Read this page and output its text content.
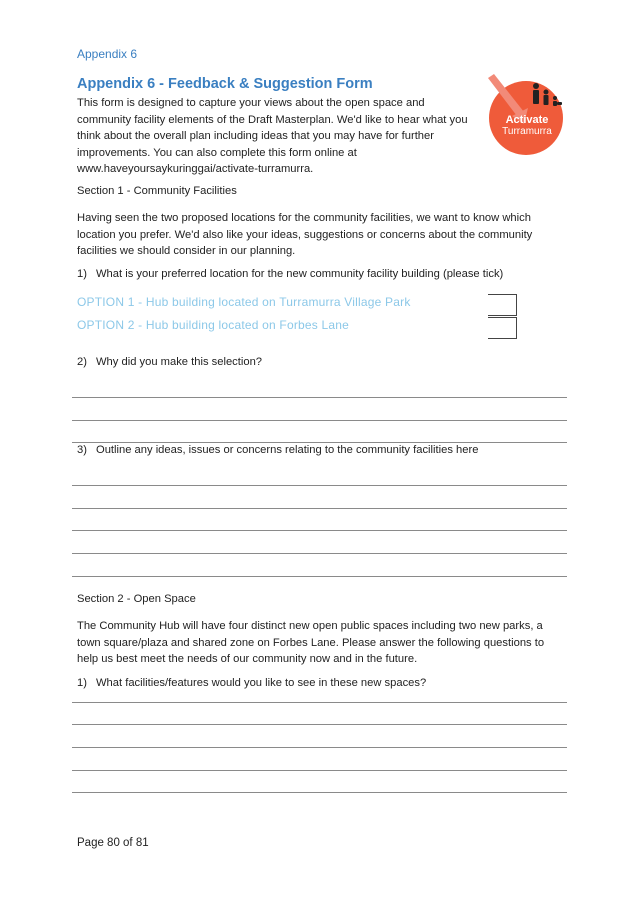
Appendix 6
Appendix 6 - Feedback & Suggestion Form

This form is designed to capture your views about the open space and community facility elements of the Draft Masterplan. We'd like to hear what you think about the overall plan including ideas that you may have for further improvements. You can also complete this form online at
www.haveyoursaykuringgai/activate-turramurra.

Activate
Turramurra
Section 1 - Community Facilities

Having seen the two proposed locations for the community facilities, we want to know which location you prefer. We'd also like your ideas, suggestions or concerns about the community facilities we should consider in our planning.

1) What is your preferred location for the new community facility building (please tick)
OPTION 1 - Hub building located on Turramurra Village Park
OPTION 2 - Hub building located on Forbes Lane
2) Why did you make this selection?
3) Outline any ideas, issues or concerns relating to the community facilities here
Section 2 - Open Space

The Community Hub will have four distinct new open public spaces including two new parks, a town square/plaza and shared zone on Forbes Lane. Please answer the following questions to help us best meet the needs of our community now and in the future.

1) What facilities/features would you like to see in these new spaces?
Page 80 of 81
